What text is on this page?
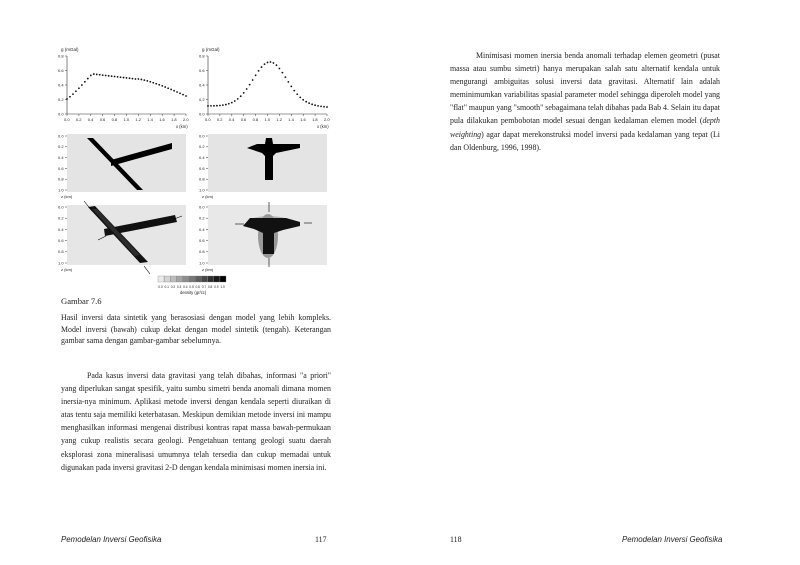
g (mGal)
0.8
0.6
0.4
0.2
0.0
0.0 0.2 0.4 0.6 0.8 1.0 1.2 1.4 1.6 1.8 2.0
x (km)
g (mGal)
0.8
0.6
0.4
0.2
0.0
0.0 0.2 0.4 0.6 0.8 1.0 1.2 1.4 1.6 1.8 2.0
x (km)
0.0
0.2
0.4
0.6
0.8
1.0
z (km)
0.0
0.2
0.4
0.6
0.8
1.0
z (km)
0.0
0.2
0.4
0.6
0.8
1.0
z (km)
0.0
0.2
0.4
0.6
0.8
1.0
z (km)
0.0 0.1 0.2 0.3 0.4 0.5 0.6 0.7 0.8 0.9 1.0
density (gr/cc)
Gambar 7.6
Hasil inversi data sintetik yang berasosiasi dengan model yang lebih kompleks. Model inversi (bawah) cukup dekat dengan model sintetik (tengah). Keterangan gambar sama dengan gambar-gambar sebelumnya.
Pada kasus inversi data gravitasi yang telah dibahas, informasi "a priori" yang diperlukan sangat spesifik, yaitu sumbu simetri benda anomali dimana momen inersia-nya minimum. Aplikasi metode inversi dengan kendala seperti diuraikan di atas tentu saja memiliki keterbatasan. Meskipun demikian metode inversi ini mampu menghasilkan informasi mengenai distribusi kontras rapat massa bawah-permukaan yang cukup realistis secara geologi. Pengetahuan tentang geologi suatu daerah eksplorasi zona mineralisasi umumnya telah tersedia dan cukup memadai untuk digunakan pada inversi gravitasi 2-D dengan kendala minimisasi momen inersia ini.
Minimisasi momen inersia benda anomali terhadap elemen geometri (pusat massa atau sumbu simetri) hanya merupakan salah satu alternatif kendala untuk mengurangi ambiguitas solusi inversi data gravitasi. Alternatif lain adalah meminimumkan variabilitas spasial parameter model sehingga diperoleh model yang "flat" maupun yang "smooth" sebagaimana telah dibahas pada Bab 4. Selain itu dapat pula dilakukan pembobotan model sesuai dengan kedalaman elemen model (depth weighting) agar dapat merekonstruksi model inversi pada kedalaman yang tepat (Li dan Oldenburg, 1996, 1998).
Pemodelan Inversi Geofisika	117	118	Pemodelan Inversi Geofisika
